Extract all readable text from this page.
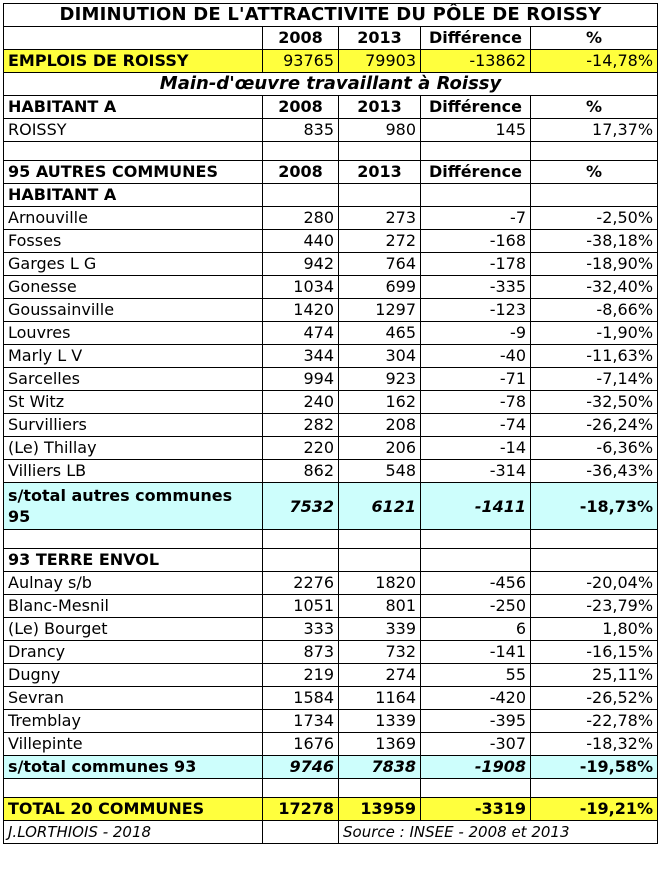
DIMINUTION DE L'ATTRACTIVITE DU PÔLE DE ROISSY				
	2008	2013	Différence	%
EMPLOIS DE ROISSY	93765	79903	-13862	-14,78%
Main-d'œuvre travaillant à Roissy				
HABITANT A	2008	2013	Différence	%
ROISSY	835	980	145	17,37%

95 AUTRES COMMUNES	2008	2013	Différence	%
HABITANT A				
Arnouville	280	273	-7	-2,50%
Fosses	440	272	-168	-38,18%
Garges L G	942	764	-178	-18,90%
Gonesse	1034	699	-335	-32,40%
Goussainville	1420	1297	-123	-8,66%
Louvres	474	465	-9	-1,90%
Marly L V	344	304	-40	-11,63%
Sarcelles	994	923	-71	-7,14%
St Witz	240	162	-78	-32,50%
Survilliers	282	208	-74	-26,24%
(Le) Thillay	220	206	-14	-6,36%
Villiers LB	862	548	-314	-36,43%
s/total autres communes 95	7532	6121	-1411	-18,73%

93 TERRE ENVOL				
Aulnay s/b	2276	1820	-456	-20,04%
Blanc-Mesnil	1051	801	-250	-23,79%
(Le) Bourget	333	339	6	1,80%
Drancy	873	732	-141	-16,15%
Dugny	219	274	55	25,11%
Sevran	1584	1164	-420	-26,52%
Tremblay	1734	1339	-395	-22,78%
Villepinte	1676	1369	-307	-18,32%
s/total communes 93	9746	7838	-1908	-19,58%

TOTAL 20 COMMUNES	17278	13959	-3319	-19,21%
J.LORTHIOIS - 2018		Source : INSEE - 2008 et 2013		
